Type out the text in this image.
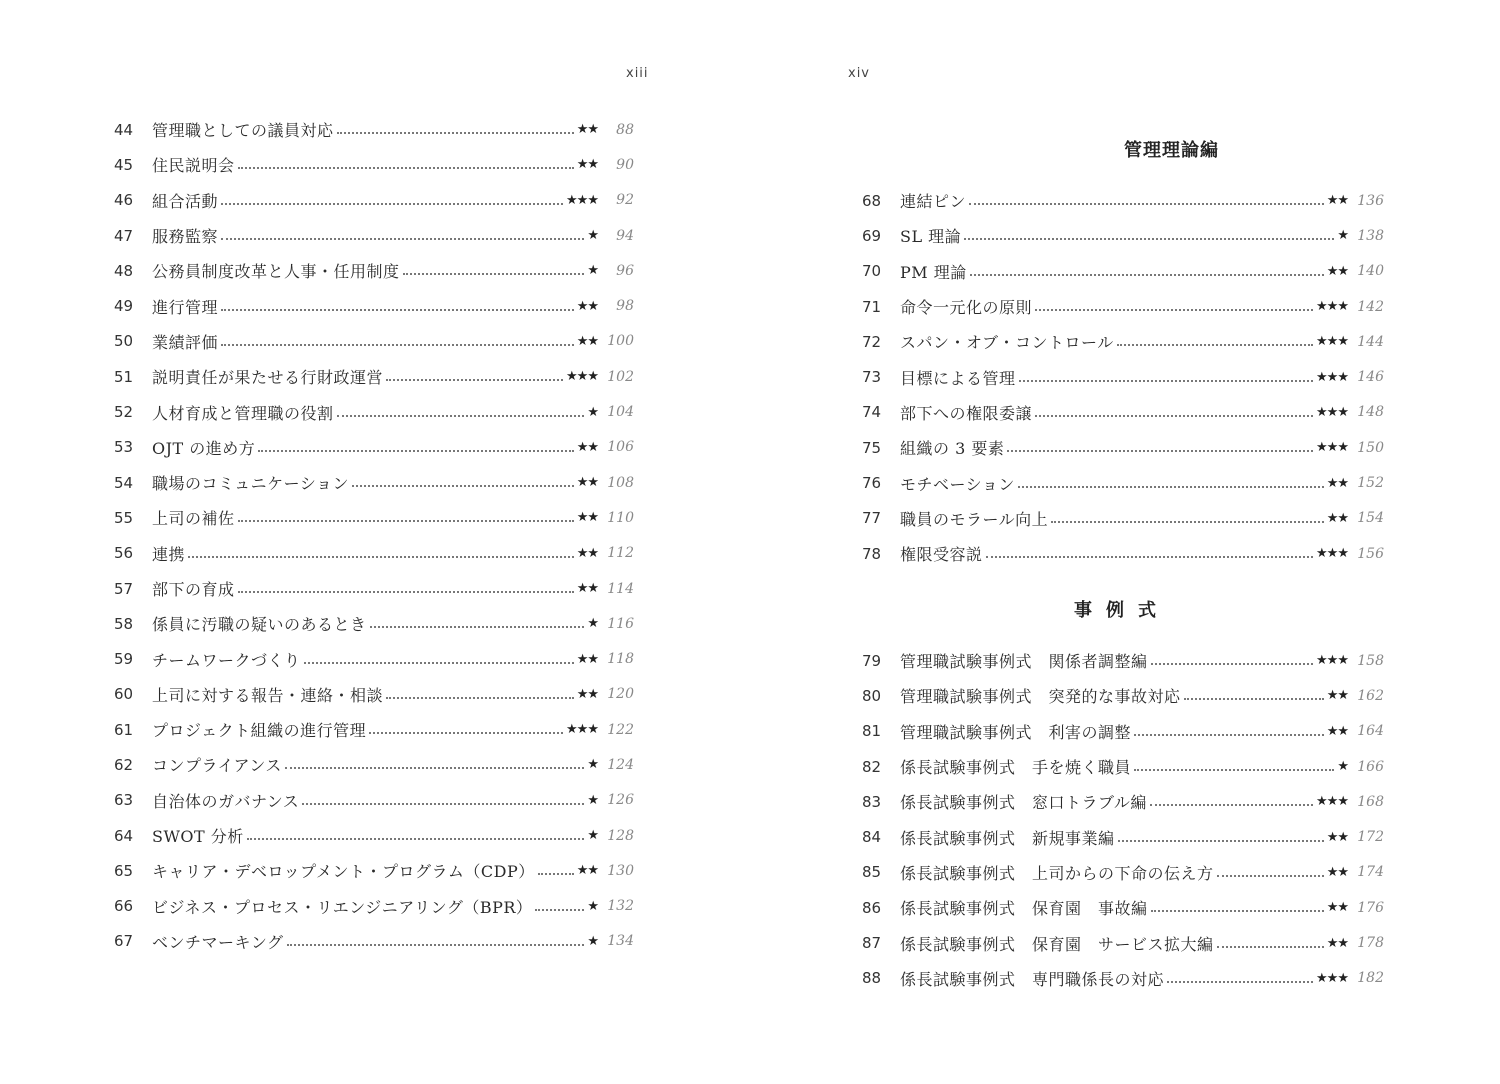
xiii
44	管理職としての議員対応	★★	88
45	住民説明会	★★	90
46	組合活動	★★★	92
47	服務監察	★	94
48	公務員制度改革と人事・任用制度	★	96
49	進行管理	★★	98
50	業績評価	★★ 100
51	説明責任が果たせる行財政運営	★★★ 102
52	人材育成と管理職の役割	★ 104
53	OJT の進め方	★★ 106
54	職場のコミュニケーション	★★ 108
55	上司の補佐	★★ 110
56	連携	★★ 112
57	部下の育成	★★ 114
58	係員に汚職の疑いのあるとき	★ 116
59	チームワークづくり	★★ 118
60	上司に対する報告・連絡・相談	★★ 120
61	プロジェクト組織の進行管理	★★★ 122
62	コンプライアンス	★ 124
63	自治体のガバナンス	★ 126
64	SWOT 分析	★ 128
65	キャリア・デベロップメント・プログラム（CDP）	★★ 130
66	ビジネス・プロセス・リエンジニアリング（BPR）	★ 132
67	ベンチマーキング	★ 134
xiv
管理理論編
68	連結ピン	★★ 136
69	SL 理論	★ 138
70	PM 理論	★★ 140
71	命令一元化の原則	★★★ 142
72	スパン・オブ・コントロール	★★★ 144
73	目標による管理	★★★ 146
74	部下への権限委譲	★★★ 148
75	組織の 3 要素	★★★ 150
76	モチベーション	★★ 152
77	職員のモラール向上	★★ 154
78	権限受容説	★★★ 156
事例式
79	管理職試験事例式　関係者調整編	★★★ 158
80	管理職試験事例式　突発的な事故対応	★★ 162
81	管理職試験事例式　利害の調整	★★ 164
82	係長試験事例式　手を焼く職員	★ 166
83	係長試験事例式　窓口トラブル編	★★★ 168
84	係長試験事例式　新規事業編	★★ 172
85	係長試験事例式　上司からの下命の伝え方	★★ 174
86	係長試験事例式　保育園　事故編	★★ 176
87	係長試験事例式　保育園　サービス拡大編	★★ 178
88	係長試験事例式　専門職係長の対応	★★★ 182
